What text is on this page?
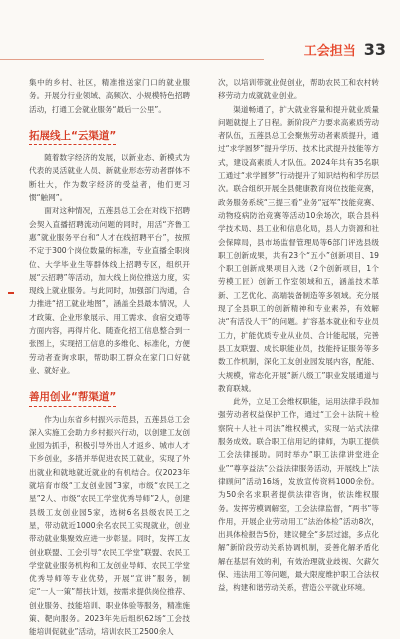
工会担当 33

集中的乡村、社区，精准推送家门口的就业服务。开展分行业领域、高频次、小规模特色招聘活动，打通工会就业服务“最后一公里”。

拓展线上“云渠道”

随着数字经济的发展，以新业态、新模式为代表的灵活就业人员、新就业形态劳动者群体不断壮大，作为数字经济的受益者，他们更习惯“触网”。

面对这种情况，五莲县总工会在对线下招聘会契入直播招聘流动问题的同时，用活“齐鲁工惠”就业服务平台和“人才在线招聘平台”，按照不定于300个岗位数量的标准，专业直播全职岗位、大学毕业生等群体线上招聘专区，组织开展“云招聘”等活动，加大线上岗位推送力度，实现线上就业服务。与此同时，加强部门沟通，合力推进“招工就业地图”，涵盖全县最本情况，人才政策、企业形象展示、用工需求、食宿交通等方面内容，再得片化、随查化招工信息整合到一张图上，实现招工信息的多维化、标准化，方便劳动者查询求职，帮助职工群众在家门口好就业、就好业。

善用创业“帮渠道”

作为山东省乡村振兴示范县，五莲县总工会深入实施工会助力乡村振兴行动，以创建工友创业园为抓手，积极引导外出人才返乡、城市人才下乡创业，多措并举促进农民工就业，实现了外出就业和就地就近就业的有机结合。仅2023年就培育市级“工友创业园”3家，市级“农民工之星”2人、市级“农民工学堂优秀导师”2人，创建县级工友创业园5家，选树6名县级农民工之星，带动就近1000余名农民工实现就业，创业带动就业集聚效应进一步彰显。同时，发挥工友创业联盟、工会引导“农民工学堂”联盟、农民工学堂就业服务机构和工友创业导师、农民工学堂优秀导师等专业优势，开展“宣讲”服务，制定“一人一策”帮扶计划，按需求提供岗位推荐、创业服务、技能培训、职业体验等服务，精准施策、靶向服务。2023年先后组织62场“工会技能培训促就业”活动，培训农民工2500余人

次，以培训带就业促创业，帮助农民工和农村转移劳动力成就就业创业。

渠道畅通了，扩大就业容量和提升就业质量问题就提上了日程。新阶段产力要求高素质劳动者队伍，五莲县总工会聚焦劳动者素质提升，通过“求学圆梦”提升学历、技术比武提升技能等方式，建设高素质人才队伍。2024年共有35名职工通过“求学圆梦”行动提升了知识结构和学历层次。联合组织开展全县健康教育岗位技能竞赛，政务服务系统“三提三看”业务“冠军”技能竞赛、动物疫病防治竞赛等活动10余场次，联合县科学技术局、县工业和信息化局，县人力资源和社会保障局，县市场监督管理局等6部门评选县级职工创新成果，共有23个“五小”创新项目、19个职工创新成果项目入选（2个创新项目，1个劳模工匠）创新工作室领域和五，涵盖技术革新、工艺优化、高端装备制造等多领域。充分展现了全县职工的创新精神和专业素养，有效解决“有活没人干”的问题。扩容基本就业和专业员工力，扩能优质专业从业员、合计能起展，完善县工友联盟、成长职能业员，技能持证服务等多数工作机制，深化工友创业园发展内容，配能、大规模，常态化开展“新八级工”职业发展通道与教育联城。

此外，立足工会维权职能，运用法律手段加强劳动者权益保护工作，通过“工会＋法院＋检察院＋人社＋司法”维权模式，实现一站式法律服务成效。联合职工信用记的律师，为职工提供工会法律援助。同时举办“职工法律讲堂进企业”“尊享益法”公益法律服务活动，开展线上“法律顾问”活动16场，发放宣传资料1000余份。为50余名求职者提供法律咨询，依法维权服务。发挥劳模调解室，工会法律监督，“两书”等作用，开展企业劳动用工“法治体检”活动8次，出具体检报告5份，建议健全“多层过滤，多点化解”新阶段劳动关系协调机制，妥善化解矛盾化解在基层有效的利，有效治理就业歧视、欠薪欠保、违法用工等问题，最大限度维护职工合法权益，构建和谐劳动关系，营造公平就业环境。
